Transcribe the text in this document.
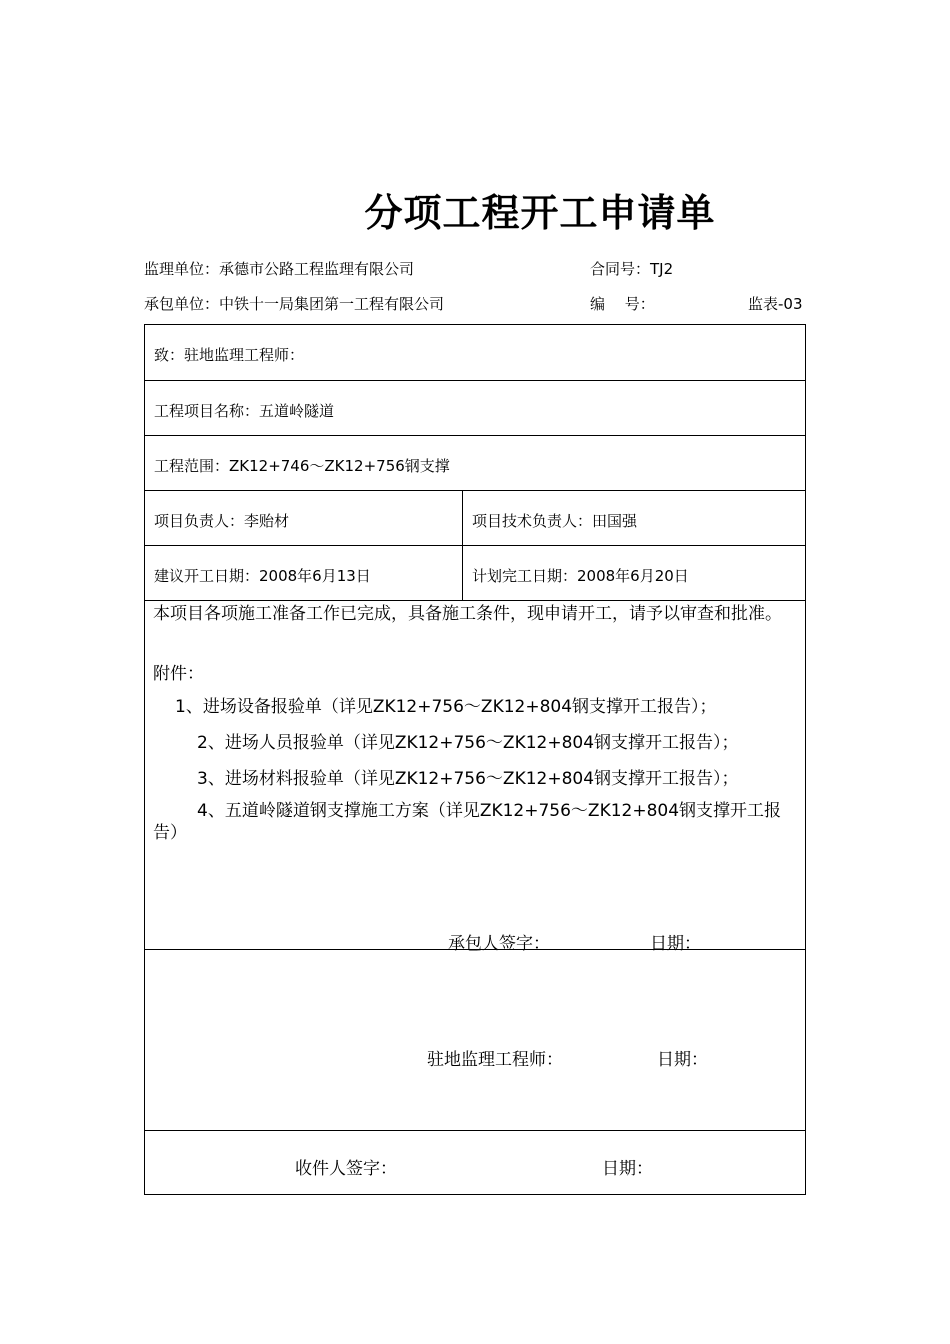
分项工程开工申请单
监理单位：承德市公路工程监理有限公司	合同号：TJ2
承包单位：中铁十一局集团第一工程有限公司	编　 号：	监表-03
致：驻地监理工程师：
工程项目名称：五道岭隧道
工程范围：ZK12+746～ZK12+756钢支撑
项目负责人：李贻材	项目技术负责人：田国强
建议开工日期：2008年6月13日	计划完工日期：2008年6月20日
本项目各项施工准备工作已完成，具备施工条件，现申请开工，请予以审查和批准。
附件：
1、进场设备报验单（详见ZK12+756～ZK12+804钢支撑开工报告）；
2、进场人员报验单（详见ZK12+756～ZK12+804钢支撑开工报告）；
3、进场材料报验单（详见ZK12+756～ZK12+804钢支撑开工报告）；
4、五道岭隧道钢支撑施工方案（详见ZK12+756～ZK12+804钢支撑开工报告）
承包人签字：	日期：
驻地监理工程师：	日期：
收件人签字：	日期：
